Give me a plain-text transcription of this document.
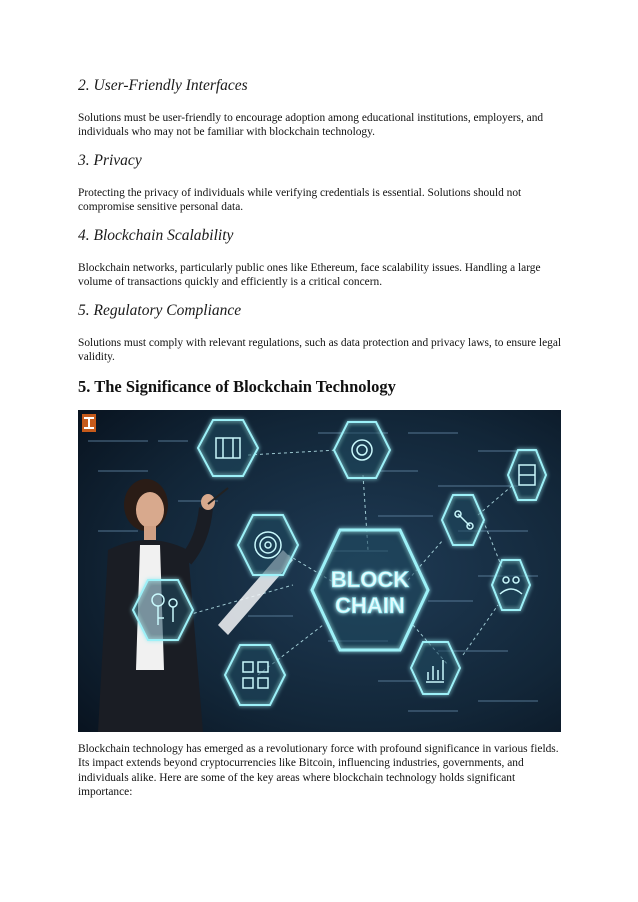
2. User-Friendly Interfaces

Solutions must be user-friendly to encourage adoption among educational institutions, employers, and
individuals who may not be familiar with blockchain technology.

3. Privacy

Protecting the privacy of individuals while verifying credentials is essential. Solutions should not
compromise sensitive personal data.

4. Blockchain Scalability

Blockchain networks, particularly public ones like Ethereum, face scalability issues. Handling a large
volume of transactions quickly and efficiently is a critical concern.

5. Regulatory Compliance

Solutions must comply with relevant regulations, such as data protection and privacy laws, to ensure legal
validity.

5. The Significance of Blockchain Technology
BLOCK
CHAIN

Blockchain technology has emerged as a revolutionary force with profound significance in various fields.
Its impact extends beyond cryptocurrencies like Bitcoin, influencing industries, governments, and
individuals alike. Here are some of the key areas where blockchain technology holds significant
importance:
